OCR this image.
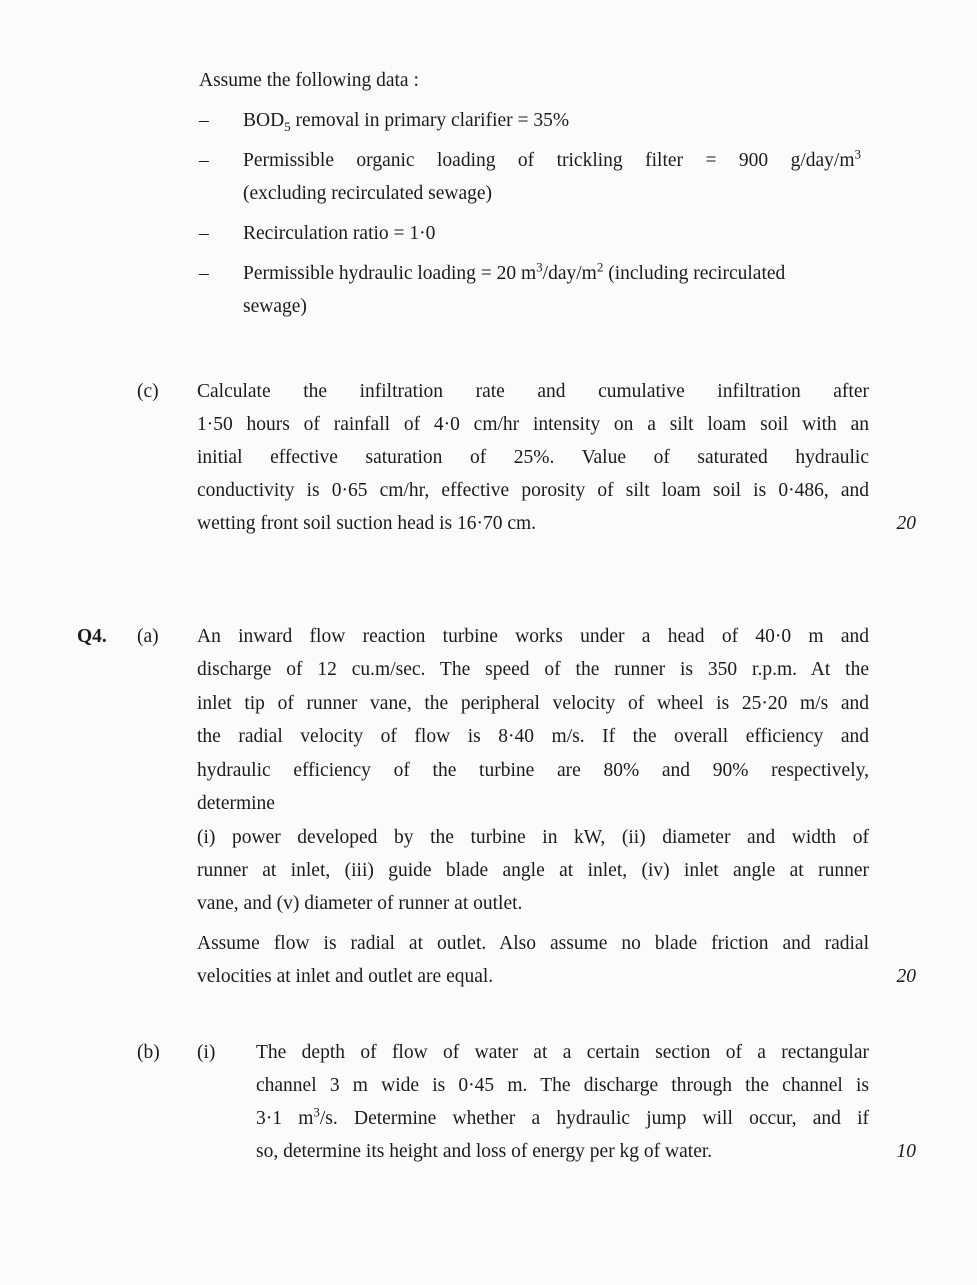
Assume the following data :
– $BOD_5$ removal in primary clarifier = 35%
– Permissible organic loading of trickling filter = 900 $g/day/m^3$
(excluding recirculated sewage)
– Recirculation ratio = 1·0
– Permissible hydraulic loading = 20 $m^3/day/m^2$ (including recirculated
sewage)
(c) Calculate the infiltration rate and cumulative infiltration after
1·50 hours of rainfall of 4·0 cm/hr intensity on a silt loam soil with an
initial effective saturation of 25%. Value of saturated hydraulic
conductivity is 0·65 cm/hr, effective porosity of silt loam soil is 0·486, and
wetting front soil suction head is 16·70 cm.	20
Q4. (a) An inward flow reaction turbine works under a head of 40·0 m and
discharge of 12 cu.m/sec. The speed of the runner is 350 r.p.m. At the
inlet tip of runner vane, the peripheral velocity of wheel is 25·20 m/s and
the radial velocity of flow is 8·40 m/s. If the overall efficiency and
hydraulic efficiency of the turbine are 80% and 90% respectively,
determine
(i) power developed by the turbine in kW, (ii) diameter and width of
runner at inlet, (iii) guide blade angle at inlet, (iv) inlet angle at runner
vane, and (v) diameter of runner at outlet.
Assume flow is radial at outlet. Also assume no blade friction and radial
velocities at inlet and outlet are equal.	20
(b) (i) The depth of flow of water at a certain section of a rectangular
channel 3 m wide is 0·45 m. The discharge through the channel is
3·1 $m^3/s$. Determine whether a hydraulic jump will occur, and if
so, determine its height and loss of energy per kg of water.	10
